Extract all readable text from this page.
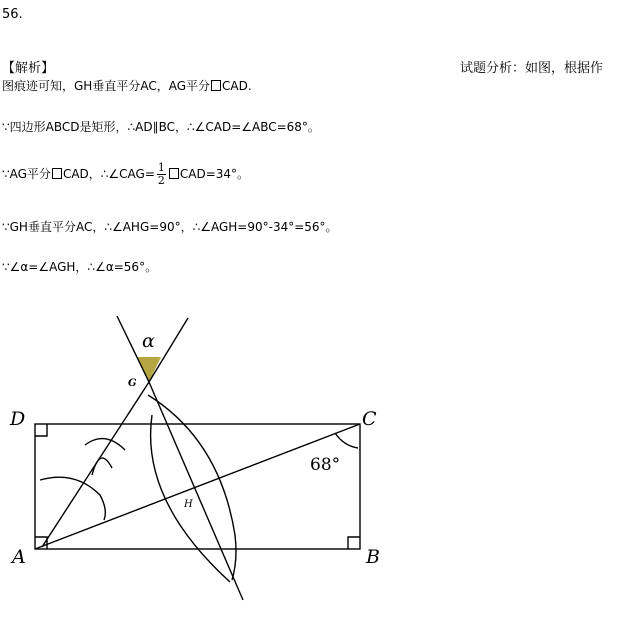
56.
【解析】	试题分析：如图，根据作
图痕迹可知，GH垂直平分AC，AG平分 CAD.
∵四边形ABCD是矩形，∴AD∥BC，∴∠CAD=∠ABC=68°。
∵AG平分 CAD，∴∠CAG= $\frac{1}{2} CAD=34^\circ$。
∵GH垂直平分AC，∴∠AHG=90°，∴∠AGH=90°-34°=56°。
∵∠α=∠AGH，∴∠α=56°。
α
G
H
D	C
A	B
68°
